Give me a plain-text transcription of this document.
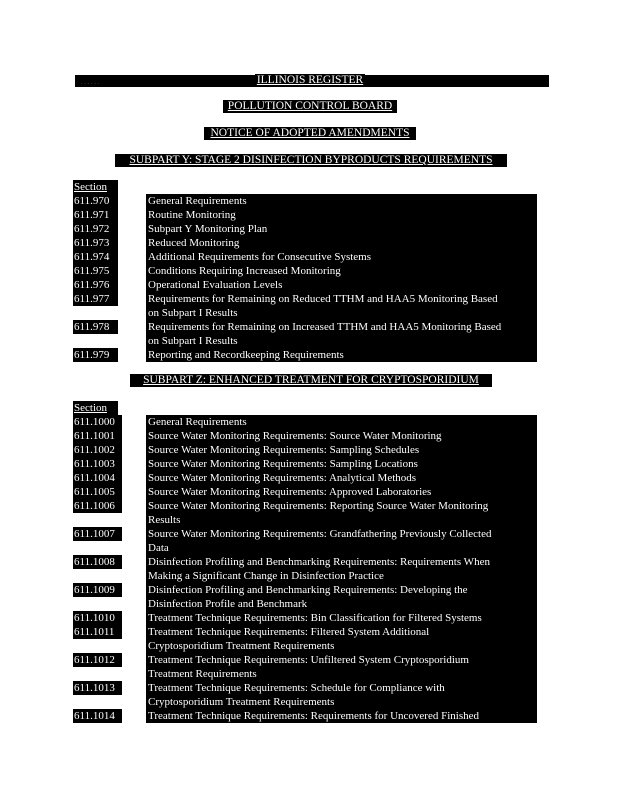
· · · · · ·	ILLINOIS REGISTER
POLLUTION CONTROL BOARD
NOTICE OF ADOPTED AMENDMENTS
SUBPART Y: STAGE 2 DISINFECTION BYPRODUCTS REQUIREMENTS
Section
611.970	General Requirements
611.971	Routine Monitoring
611.972	Subpart Y Monitoring Plan
611.973	Reduced Monitoring
611.974	Additional Requirements for Consecutive Systems
611.975	Conditions Requiring Increased Monitoring
611.976	Operational Evaluation Levels
611.977	Requirements for Remaining on Reduced TTHM and HAA5 Monitoring Based
on Subpart I Results
611.978	Requirements for Remaining on Increased TTHM and HAA5 Monitoring Based
on Subpart I Results
611.979	Reporting and Recordkeeping Requirements
SUBPART Z: ENHANCED TREATMENT FOR CRYPTOSPORIDIUM
Section
611.1000	General Requirements
611.1001	Source Water Monitoring Requirements: Source Water Monitoring
611.1002	Source Water Monitoring Requirements: Sampling Schedules
611.1003	Source Water Monitoring Requirements: Sampling Locations
611.1004	Source Water Monitoring Requirements: Analytical Methods
611.1005	Source Water Monitoring Requirements: Approved Laboratories
611.1006	Source Water Monitoring Requirements: Reporting Source Water Monitoring
Results
611.1007	Source Water Monitoring Requirements: Grandfathering Previously Collected
Data
611.1008	Disinfection Profiling and Benchmarking Requirements: Requirements When
Making a Significant Change in Disinfection Practice
611.1009	Disinfection Profiling and Benchmarking Requirements: Developing the
Disinfection Profile and Benchmark
611.1010	Treatment Technique Requirements: Bin Classification for Filtered Systems
611.1011	Treatment Technique Requirements: Filtered System Additional
Cryptosporidium Treatment Requirements
611.1012	Treatment Technique Requirements: Unfiltered System Cryptosporidium
Treatment Requirements
611.1013	Treatment Technique Requirements: Schedule for Compliance with
Cryptosporidium Treatment Requirements
611.1014	Treatment Technique Requirements: Requirements for Uncovered Finished
